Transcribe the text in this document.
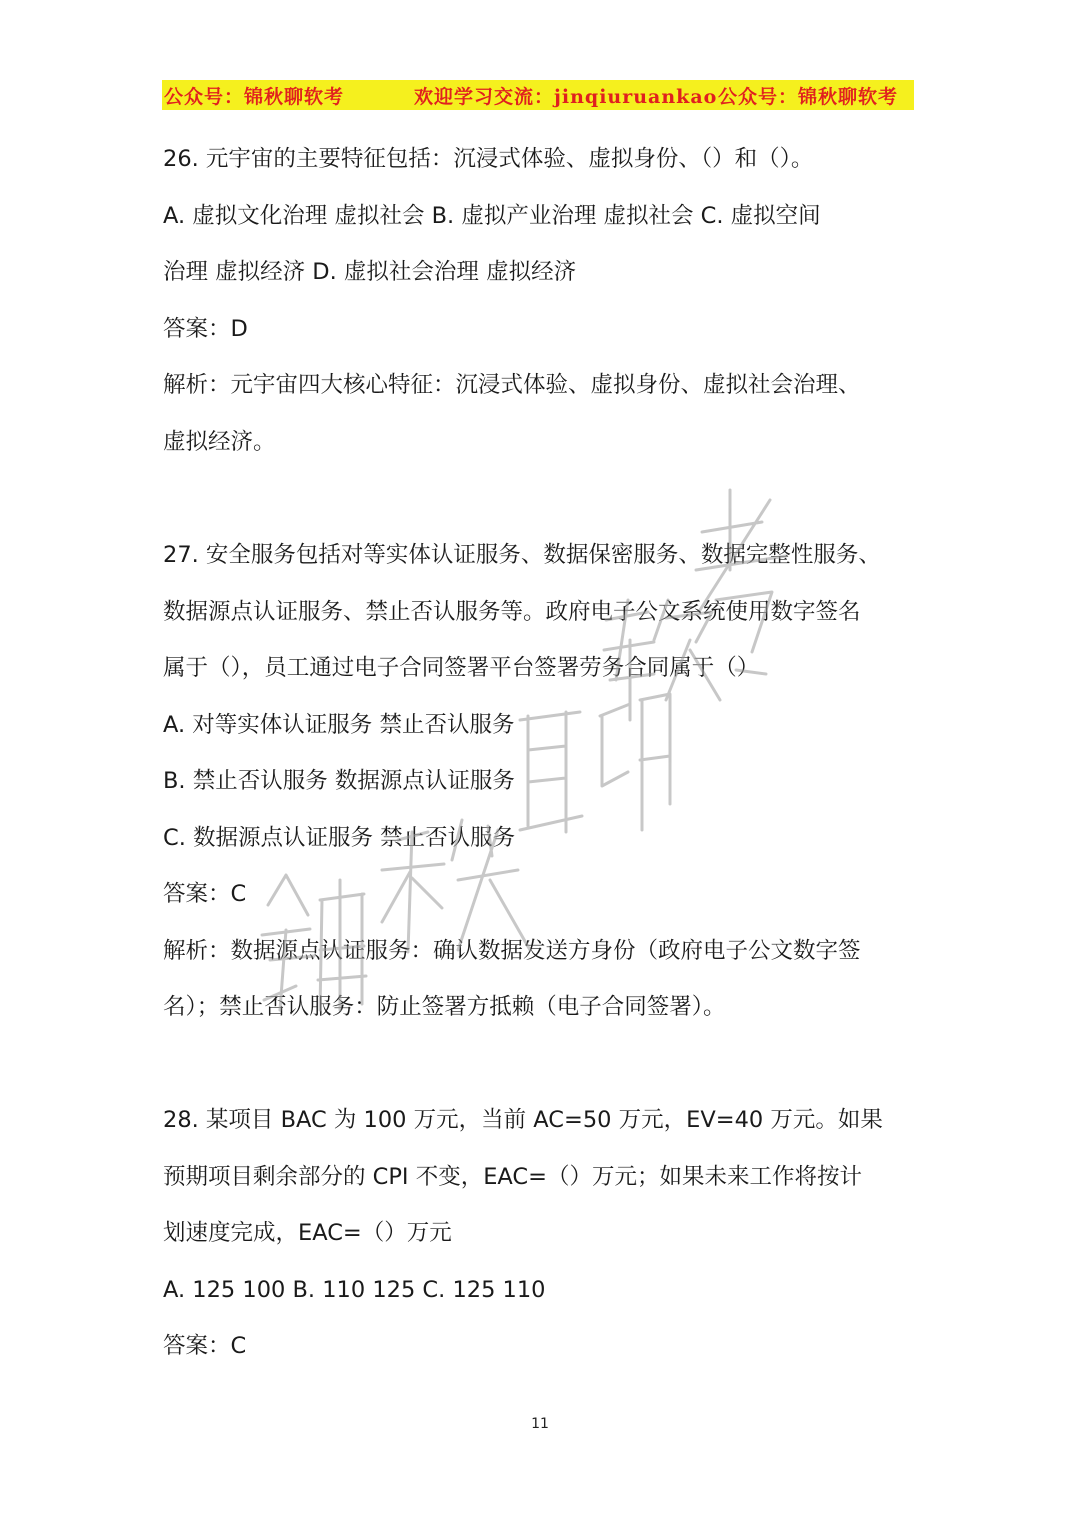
公众号：锦秋聊软考	欢迎学习交流：jinqiuruankao 公众号：锦秋聊软考
26. 元宇宙的主要特征包括：沉浸式体验、虚拟身份、（）和（）。
A. 虚拟文化治理 虚拟社会 B. 虚拟产业治理 虚拟社会 C. 虚拟空间
治理 虚拟经济 D. 虚拟社会治理 虚拟经济
答案：D
解析：元宇宙四大核心特征：沉浸式体验、虚拟身份、虚拟社会治理、
虚拟经济。
27. 安全服务包括对等实体认证服务、数据保密服务、数据完整性服务、
数据源点认证服务、禁止否认服务等。政府电子公文系统使用数字签名
属于（），员工通过电子合同签署平台签署劳务合同属于（）
A. 对等实体认证服务 禁止否认服务
B. 禁止否认服务 数据源点认证服务
C. 数据源点认证服务 禁止否认服务
答案：C
解析：数据源点认证服务：确认数据发送方身份（政府电子公文数字签
名）；禁止否认服务：防止签署方抵赖（电子合同签署）。
28. 某项目 BAC 为 100 万元，当前 AC=50 万元，EV=40 万元。如果
预期项目剩余部分的 CPI 不变，EAC=（）万元；如果未来工作将按计
划速度完成，EAC=（）万元
A. 125 100 B. 110 125 C. 125 110
答案：C
11
